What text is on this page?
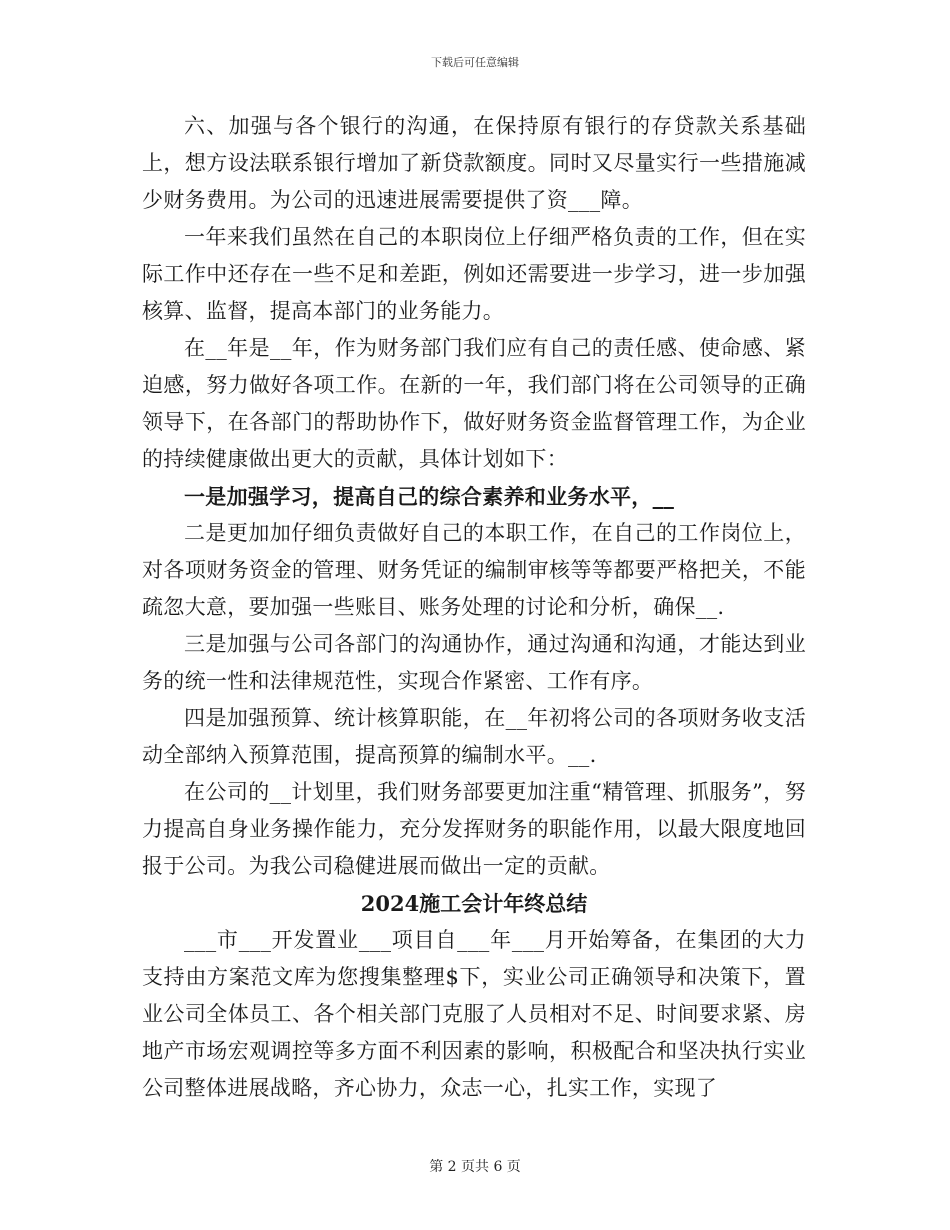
下载后可任意编辑

六、加强与各个银行的沟通，在保持原有银行的存贷款关系基础上，想方设法联系银行增加了新贷款额度。同时又尽量实行一些措施减少财务费用。为公司的迅速进展需要提供了资___障。

一年来我们虽然在自己的本职岗位上仔细严格负责的工作，但在实际工作中还存在一些不足和差距，例如还需要进一步学习，进一步加强核算、监督，提高本部门的业务能力。

在__年是__年，作为财务部门我们应有自己的责任感、使命感、紧迫感，努力做好各项工作。在新的一年，我们部门将在公司领导的正确领导下，在各部门的帮助协作下，做好财务资金监督管理工作，为企业的持续健康做出更大的贡献，具体计划如下：

一是加强学习，提高自己的综合素养和业务水平，__

二是更加加仔细负责做好自己的本职工作，在自己的工作岗位上，对各项财务资金的管理、财务凭证的编制审核等等都要严格把关，不能疏忽大意，要加强一些账目、账务处理的讨论和分析，确保__.

三是加强与公司各部门的沟通协作，通过沟通和沟通，才能达到业务的统一性和法律规范性，实现合作紧密、工作有序。

四是加强预算、统计核算职能，在__年初将公司的各项财务收支活动全部纳入预算范围，提高预算的编制水平。__.

在公司的__计划里，我们财务部要更加注重“精管理、抓服务”，努力提高自身业务操作能力，充分发挥财务的职能作用，以最大限度地回报于公司。为我公司稳健进展而做出一定的贡献。

2024施工会计年终总结

___市___开发置业___项目自___年___月开始筹备，在集团的大力支持由方案范文库为您搜集整理$下，实业公司正确领导和决策下，置业公司全体员工、各个相关部门克服了人员相对不足、时间要求紧、房地产市场宏观调控等多方面不利因素的影响，积极配合和坚决执行实业公司整体进展战略，齐心协力，众志一心，扎实工作，实现了

第 2 页共 6 页
